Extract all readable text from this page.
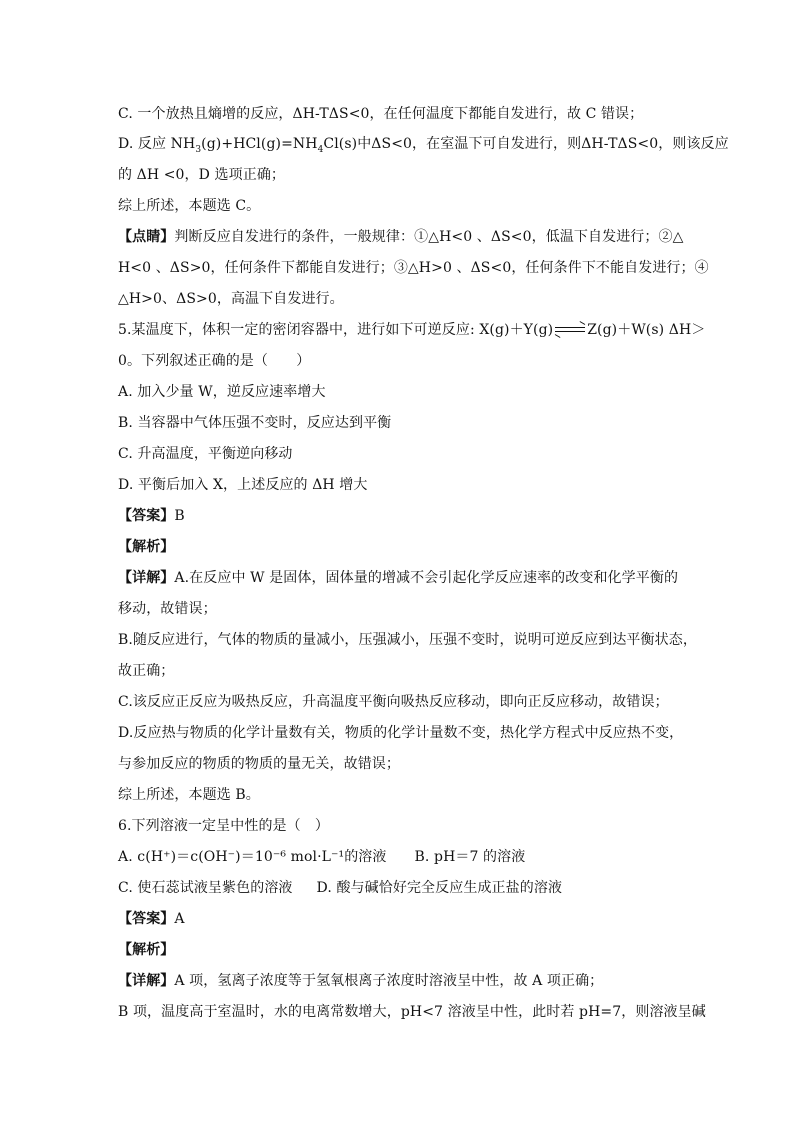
C. 一个放热且熵增的反应，ΔH-TΔS<0，在任何温度下都能自发进行，故 C 错误；
D. 反应 $NH_3(g)+HCl(g)=NH_4Cl(s)$中ΔS<0，在室温下可自发进行，则ΔH-TΔS<0，则该反应
的 ΔH <0，D 选项正确；
综上所述，本题选 C。
【点睛】判断反应自发进行的条件，一般规律：①△H<0 、ΔS<0，低温下自发进行；②△
H<0 、ΔS>0，任何条件下都能自发进行；③△H>0 、ΔS<0，任何条件下不能自发进行；④
△H>0、ΔS>0，高温下自发进行。
5.某温度下，体积一定的密闭容器中，进行如下可逆反应: X(g)＋Y(g) Z(g)＋W(s) ΔH＞
0。下列叙述正确的是（　　）
A. 加入少量 W，逆反应速率增大
B. 当容器中气体压强不变时，反应达到平衡
C. 升高温度，平衡逆向移动
D. 平衡后加入 X，上述反应的 ΔH 增大
【答案】B
【解析】
【详解】A.在反应中 W 是固体，固体量的增减不会引起化学反应速率的改变和化学平衡的
移动，故错误；
B.随反应进行，气体的物质的量减小，压强减小，压强不变时，说明可逆反应到达平衡状态，
故正确；
C.该反应正反应为吸热反应，升高温度平衡向吸热反应移动，即向正反应移动，故错误；
D.反应热与物质的化学计量数有关，物质的化学计量数不变，热化学方程式中反应热不变，
与参加反应的物质的物质的量无关，故错误；
综上所述，本题选 B。
6.下列溶液一定呈中性的是（　）
A. c(H⁺)＝c(OH⁻)＝10⁻⁶ mol·L⁻¹的溶液 B. pH＝7 的溶液
C. 使石蕊试液呈紫色的溶液 D. 酸与碱恰好完全反应生成正盐的溶液
【答案】A
【解析】
【详解】A 项，氢离子浓度等于氢氧根离子浓度时溶液呈中性，故 A 项正确；
B 项，温度高于室温时，水的电离常数增大，pH<7 溶液呈中性，此时若 pH=7，则溶液呈碱
